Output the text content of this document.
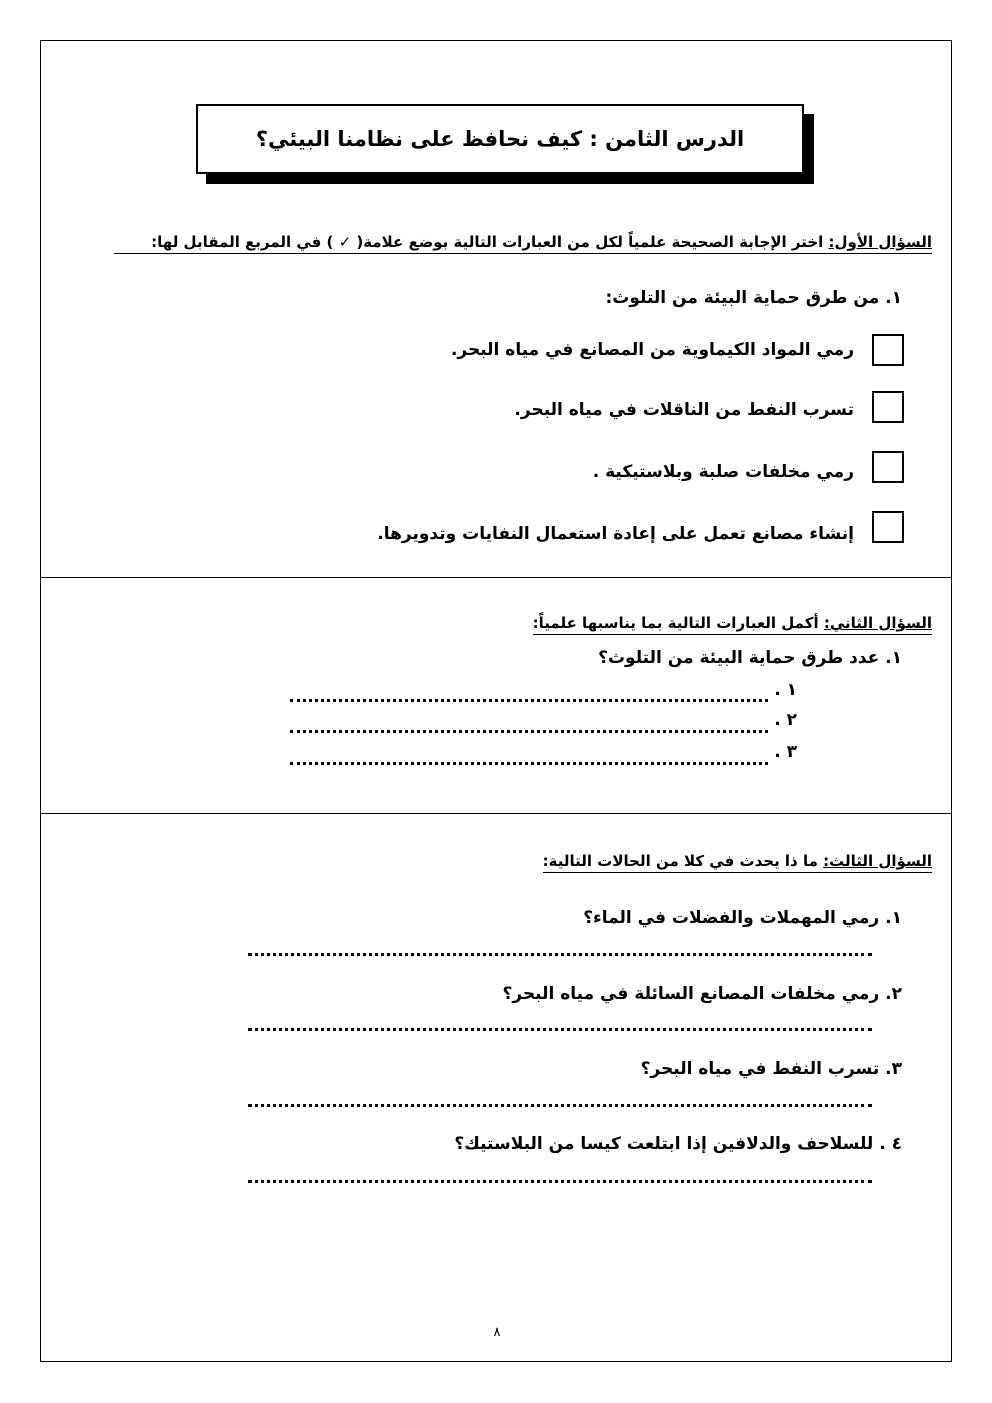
الدرس الثامن : كيف نحافظ على نظامنا البيئي؟
السؤال الأول: اختر الإجابة الصحيحة علمياً لكل من العبارات التالية بوضع علامة( ✓ ) في المربع المقابل لها:
١. من طرق حماية البيئة من التلوث:
رمي المواد الكيماوية من المصانع في مياه البحر.
تسرب النفط من الناقلات في مياه البحر.
رمي مخلفات صلبة وبلاستيكية .
إنشاء مصانع تعمل على إعادة استعمال النفايات وتدويرها.
السؤال الثاني: أكمل العبارات التالية بما يناسبها علمياً:
١. عدد طرق حماية البيئة من التلوث؟
١ .
٢ .
٣ .
السؤال الثالث: ما ذا يحدث في كلا من الحالات التالية:
١. رمي المهملات والفضلات في الماء؟
٢. رمي مخلفات المصانع السائلة في مياه البحر؟
٣. تسرب النفط في مياه البحر؟
٤ . للسلاحف والدلافين إذا ابتلعت كيسا من البلاستيك؟
٨
